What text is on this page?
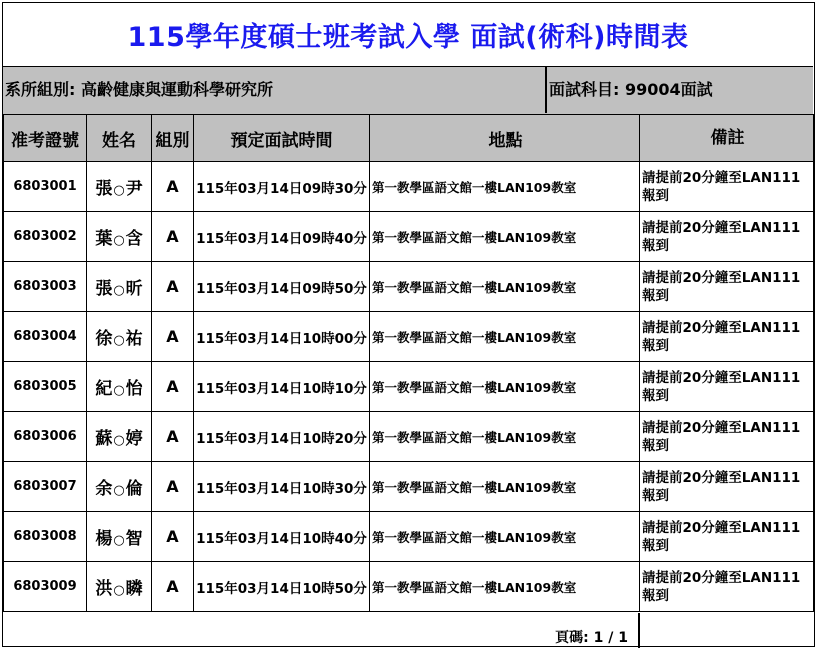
115學年度碩士班考試入學 面試(術科)時間表
系所組別: 高齡健康與運動科學研究所	面試科目: 99004面試
准考證號	姓名	組別	預定面試時間	地點	備註
6803001	張○尹	A	115年03月14日09時30分	第一教學區語文館一樓LAN109教室	請提前20分鐘至LAN111報到
6803002	葉○含	A	115年03月14日09時40分	第一教學區語文館一樓LAN109教室	請提前20分鐘至LAN111報到
6803003	張○昕	A	115年03月14日09時50分	第一教學區語文館一樓LAN109教室	請提前20分鐘至LAN111報到
6803004	徐○祐	A	115年03月14日10時00分	第一教學區語文館一樓LAN109教室	請提前20分鐘至LAN111報到
6803005	紀○怡	A	115年03月14日10時10分	第一教學區語文館一樓LAN109教室	請提前20分鐘至LAN111報到
6803006	蘇○婷	A	115年03月14日10時20分	第一教學區語文館一樓LAN109教室	請提前20分鐘至LAN111報到
6803007	余○倫	A	115年03月14日10時30分	第一教學區語文館一樓LAN109教室	請提前20分鐘至LAN111報到
6803008	楊○智	A	115年03月14日10時40分	第一教學區語文館一樓LAN109教室	請提前20分鐘至LAN111報到
6803009	洪○瞵	A	115年03月14日10時50分	第一教學區語文館一樓LAN109教室	請提前20分鐘至LAN111報到
頁碼: 1 / 1
